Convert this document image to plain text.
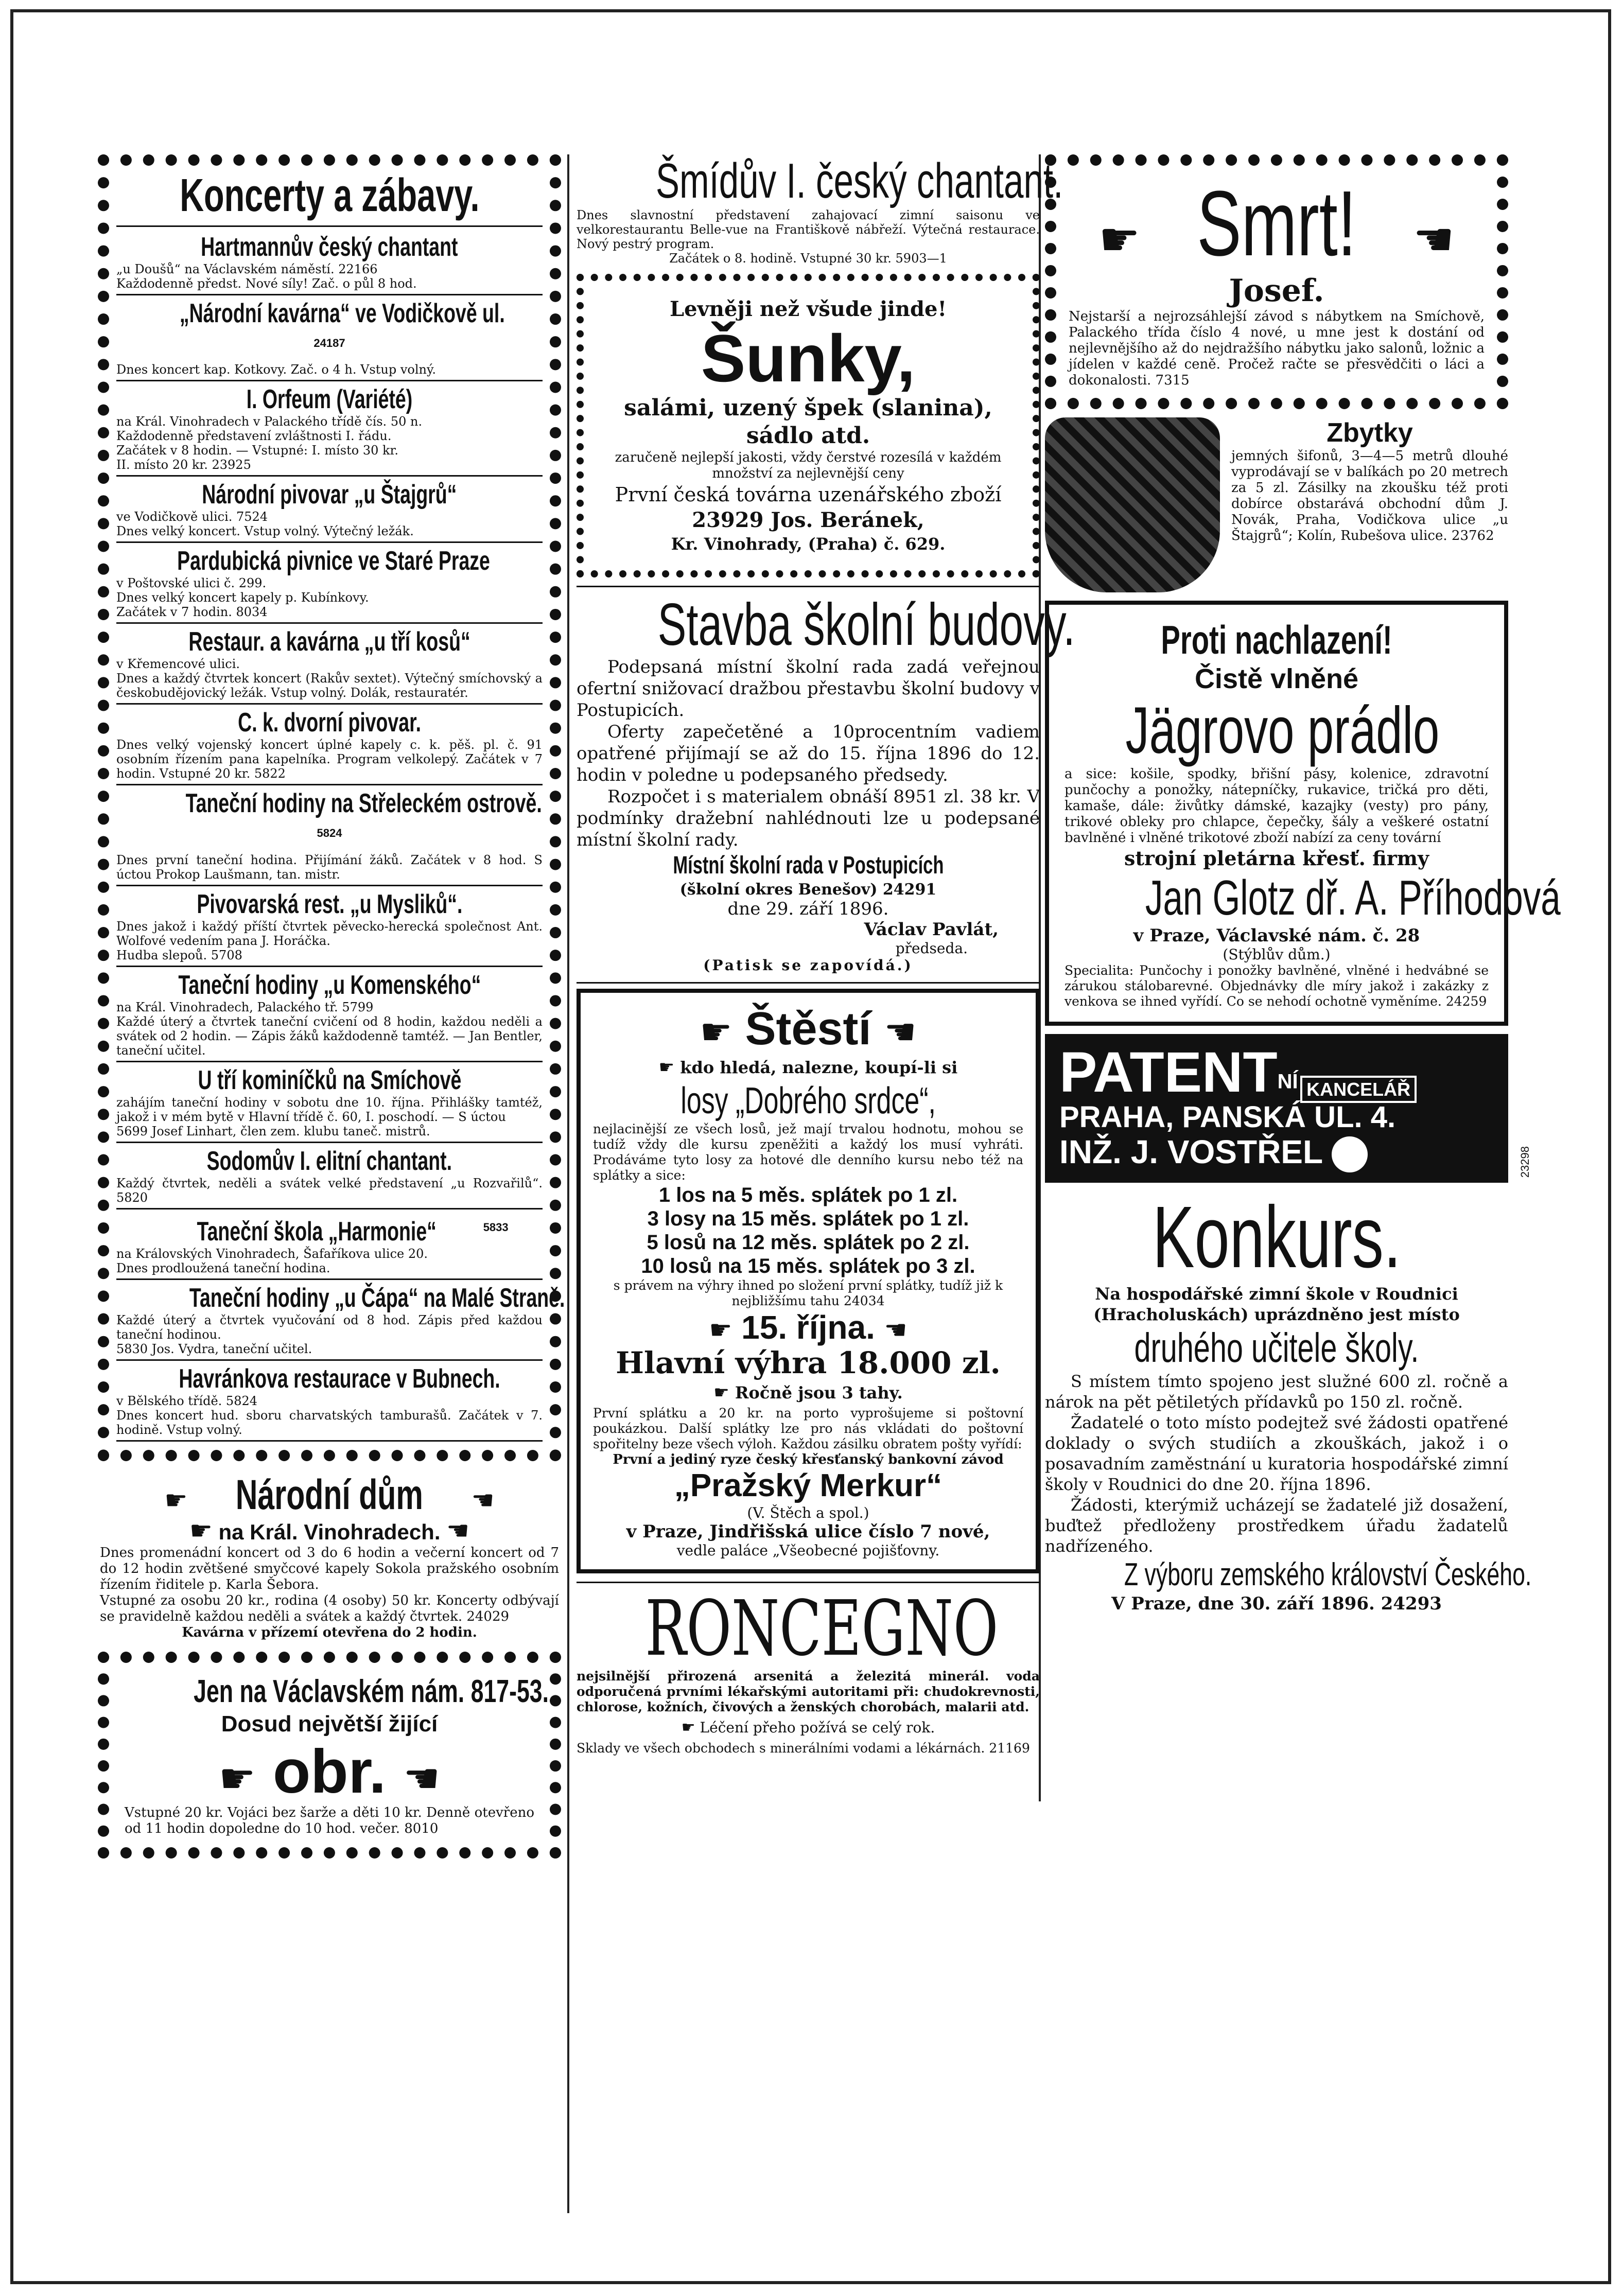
Koncerty a zábavy.
Hartmannův český chantant
„u Doušů“ na Václavském náměstí. 22166
Každodenně předst. Nové síly! Zač. o půl 8 hod.
„Národní kavárna“ ve Vodičkově ul.$^{24187}$
Dnes koncert kap. Kotkovy. Zač. o 4 h. Vstup volný.
I. Orfeum (Variété)
na Král. Vinohradech v Palackého třídě čís. 50 n.
Každodenně představení zvláštnosti I. řádu.
Začátek v 8 hodin. — Vstupné: I. místo 30 kr.
II. místo 20 kr. 23925
Národní pivovar „u Štajgrů“
ve Vodičkově ulici. 7524
Dnes velký koncert. Vstup volný. Výtečný ležák.
Pardubická pivnice ve Staré Praze
v Poštovské ulici č. 299.
Dnes velký koncert kapely p. Kubínkovy.
Začátek v 7 hodin. 8034
Restaur. a kavárna „u tří kosů“
v Křemencové ulici.
Dnes a každý čtvrtek koncert (Rakův sextet). Výtečný smíchovský a českobudějovický ležák. Vstup volný. Dolák, restauratér.
C. k. dvorní pivovar.
Dnes velký vojenský koncert úplné kapely c. k. pěš. pl. č. 91 osobním řízením pana kapelníka. Program velkolepý. Začátek v 7 hodin. Vstupné 20 kr. 5822
Taneční hodiny na Střeleckém ostrově.$^{5824}$
Dnes první taneční hodina. Přijímání žáků. Začátek v 8 hod. S úctou Prokop Laušmann, tan. mistr.
Pivovarská rest. „u Mysliků“.
Dnes jakož i každý příští čtvrtek pěvecko-herecká společnost Ant. Wolfové vedením pana J. Horáčka.
Hudba slepoů. 5708
Taneční hodiny „u Komenského“
na Král. Vinohradech, Palackého tř. 5799
Každé úterý a čtvrtek taneční cvičení od 8 hodin, každou neděli a svátek od 2 hodin. — Zápis žáků každodenně tamtéž. — Jan Bentler, taneční učitel.
U tří kominíčků na Smíchově
zahájím taneční hodiny v sobotu dne 10. října. Přihlášky tamtéž, jakož i v mém bytě v Hlavní třídě č. 60, I. poschodí. — S úctou
5699 Josef Linhart, člen zem. klubu taneč. mistrů.
Sodomův I. elitní chantant.
Každý čtvrtek, neděli a svátek velké představení „u Rozvařilů“. 5820
Taneční škola „Harmonie“	$^{5833}$
na Královských Vinohradech, Šafaříkova ulice 20.
Dnes prodloužená taneční hodina.
Taneční hodiny „u Čápa“ na Malé Straně.
Každé úterý a čtvrtek vyučování od 8 hod. Zápis před každou taneční hodinou.
5830 Jos. Vydra, taneční učitel.
Havránkova restaurace v Bubnech.
v Bělského třídě. 5824
Dnes koncert hud. sboru charvatských tamburašů. Začátek v 7. hodině. Vstup volný.
☛ Národní dům ☚
☛ na Král. Vinohradech. ☚
Dnes promenádní koncert od 3 do 6 hodin a večerní koncert od 7 do 12 hodin zvětšené smyčcové kapely Sokola pražského osobním řízením řiditele p. Karla Šebora.
Vstupné za osobu 20 kr., rodina (4 osoby) 50 kr. Koncerty odbývají se pravidelně každou neděli a svátek a každý čtvrtek. 24029
Kavárna v přízemí otevřena do 2 hodin.
Jen na Václavském nám. 817-53.
Dosud největší žijící
☛ obr. ☚
Vstupné 20 kr. Vojáci bez šarže a děti 10 kr. Denně otevřeno od 11 hodin dopoledne do 10 hod. večer. 8010
Šmídův I. český chantant.
Dnes slavnostní představení zahajovací zimní saisonu ve velkorestaurantu Belle-vue na Františkově nábřeží. Výtečná restaurace. Nový pestrý program.
Začátek o 8. hodině. Vstupné 30 kr. 5903—1
Levněji než všude jinde!
Šunky,
salámi, uzený špek (slanina), sádlo atd.
zaručeně nejlepší jakosti, vždy čerstvé rozesílá v každém množství za nejlevnější ceny
První česká továrna uzenářského zboží
23929 Jos. Beránek,
Kr. Vinohrady, (Praha) č. 629.
Stavba školní budovy.
Podepsaná místní školní rada zadá veřejnou ofertní snižovací dražbou přestavbu školní budovy v Postupicích.
Oferty zapečetěné a 10procentním vadiem opatřené přijímají se až do 15. října 1896 do 12. hodin v poledne u podepsaného předsedy.
Rozpočet i s materialem obnáší 8951 zl. 38 kr. V podmínky dražební nahlédnouti lze u podepsané místní školní rady.
Místní školní rada v Postupicích
(školní okres Benešov) 24291
dne 29. září 1896.
Václav Pavlát,
předseda.
(Patisk se zapovídá.)
☛ Štěstí ☚
☛ kdo hledá, nalezne, koupí-li si
losy „Dobrého srdce“,
nejlacinější ze všech losů, jež mají trvalou hodnotu, mohou se tudíž vždy dle kursu zpeněžiti a každý los musí vyhráti. Prodáváme tyto losy za hotové dle denního kursu nebo též na splátky a sice:
1 los na 5 měs. splátek po 1 zl.
3 losy na 15 měs. splátek po 1 zl.
5 losů na 12 měs. splátek po 2 zl.
10 losů na 15 měs. splátek po 3 zl.
s právem na výhry ihned po složení první splátky, tudíž již k nejbližšímu tahu 24034
☛ 15. října. ☚
Hlavní výhra 18.000 zl.
☛ Ročně jsou 3 tahy.
První splátku a 20 kr. na porto vyprošujeme si poštovní poukázkou. Další splátky lze pro nás vkládati do poštovní spořitelny beze všech výloh. Každou zásilku obratem pošty vyřídí:
První a jediný ryze český křesťanský bankovní závod
„Pražský Merkur“
(V. Štěch a spol.)
v Praze, Jindřišská ulice číslo 7 nové,
vedle paláce „Všeobecné pojišťovny.
RONCEGNO
nejsilnější přirozená arsenitá a železitá minerál. voda odporučená prvními lékařskými autoritami při: chudokrevnosti, chlorose, kožních, čivových a ženských chorobách, malarii atd.
☛ Léčení přeho požívá se celý rok.
Sklady ve všech obchodech s minerálními vodami a lékárnách. 21169
☛ Smrt! ☚
Josef.
Nejstarší a nejrozsáhlejší závod s nábytkem na Smíchově, Palackého třída číslo 4 nové, u mne jest k dostání od nejlevnějšího až do nejdražšího nábytku jako salonů, ložnic a jídelen v každé ceně. Pročež račte se přesvědčiti o láci a dokonalosti. 7315
Zbytky
jemných šifonů, 3—4—5 metrů dlouhé vyprodávají se v balíkách po 20 metrech za 5 zl. Zásilky na zkoušku též proti dobírce obstarává obchodní dům J. Novák, Praha, Vodičkova ulice „u Štajgrů“; Kolín, Rubešova ulice. 23762
Proti nachlazení!
Čistě vlněné
Jägrovo prádlo
a sice: košile, spodky, břišní pásy, kolenice, zdravotní punčochy a ponožky, nátepníčky, rukavice, tričká pro děti, kamaše, dále: živůtky dámské, kazajky (vesty) pro pány, trikové obleky pro chlapce, čepečky, šály a veškeré ostatní bavlněné i vlněné trikotové zboží nabízí za ceny tovární
strojní pletárna křesť. firmy
Jan Glotz dř. A. Příhodová
v Praze, Václavské nám. č. 28
(Stýblův dům.)
Specialita: Punčochy i ponožky bavlněné, vlněné i hedvábné se zárukou stálobarevné. Objednávky dle míry jakož i zakázky z venkova se ihned vyřídí. Co se nehodí ochotně vyměníme. 24259
$PATENT^{NÍ}$ KANCELÁŘ
PRAHA, PANSKÁ UL. 4.
INŽ. J. VOSTŘEL	23298
Konkurs.
Na hospodářské zimní škole v Roudnici (Hracholuskách) uprázdněno jest místo
druhého učitele školy.
S místem tímto spojeno jest služné 600 zl. ročně a nárok na pět pětiletých přídavků po 150 zl. ročně.
Žadatelé o toto místo podejtež své žádosti opatřené doklady o svých studiích a zkouškách, jakož i o posavadním zaměstnání u kuratoria hospodářské zimní školy v Roudnici do dne 20. října 1896.
Žádosti, kterýmiž ucházejí se žadatelé již dosažení, buďtež předloženy prostředkem úřadu žadatelů nadřízeného.
Z výboru zemského království Českého.
V Praze, dne 30. září 1896. 24293
